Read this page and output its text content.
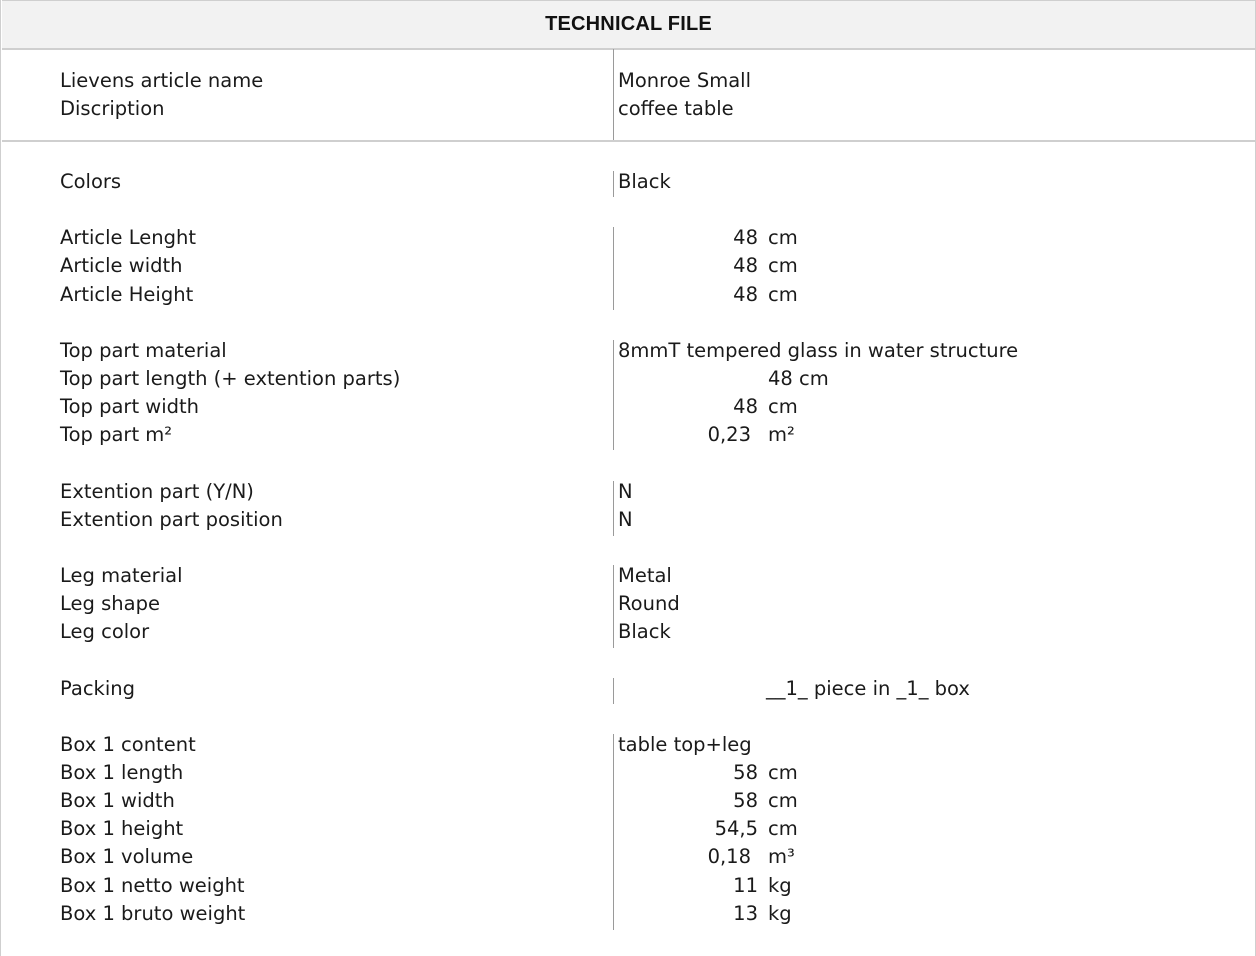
TECHNICAL FILE
Lievens article name
Discription
Monroe Small
coffee table
Colors	Black
Article Lenght
Article width
Article Height
48 cm
48 cm
48 cm
Top part material
Top part length (+ extention parts)
Top part width
Top part m²
8mmT tempered glass in water structure
48 cm
48 cm
0,23 m²
Extention part (Y/N)
Extention part position
N
N
Leg material
Leg shape
Leg color
Metal
Round
Black
Packing	__1_ piece in _1_ box
Box 1 content
Box 1 length
Box 1 width
Box 1 height
Box 1 volume
Box 1 netto weight
Box 1 bruto weight
table top+leg
58 cm
58 cm
54,5 cm
0,18 m³
11 kg
13 kg
